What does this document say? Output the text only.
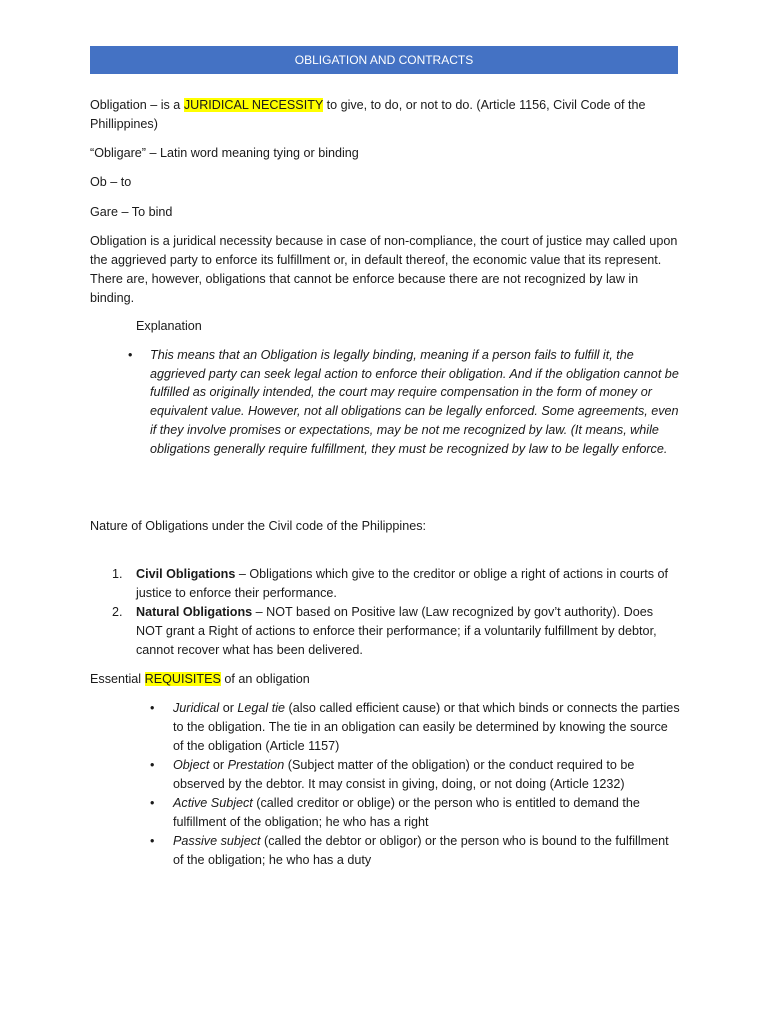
OBLIGATION AND CONTRACTS

Obligation – is a JURIDICAL NECESSITY to give, to do, or not to do. (Article 1156, Civil Code of the Phillippines)

“Obligare” – Latin word meaning tying or binding

Ob – to

Gare – To bind

Obligation is a juridical necessity because in case of non-compliance, the court of justice may called upon the aggrieved party to enforce its fulfillment or, in default thereof, the economic value that its represent. There are, however, obligations that cannot be enforce because there are not recognized by law in binding.

Explanation
• This means that an Obligation is legally binding, meaning if a person fails to fulfill it, the aggrieved party can seek legal action to enforce their obligation. And if the obligation cannot be fulfilled as originally intended, the court may require compensation in the form of money or equivalent value. However, not all obligations can be legally enforced. Some agreements, even if they involve promises or expectations, may be not me recognized by law. (It means, while obligations generally require fulfillment, they must be recognized by law to be legally enforce.

Nature of Obligations under the Civil code of the Philippines:

1. Civil Obligations – Obligations which give to the creditor or oblige a right of actions in courts of justice to enforce their performance.
2. Natural Obligations – NOT based on Positive law (Law recognized by gov’t authority). Does NOT grant a Right of actions to enforce their performance; if a voluntarily fulfillment by debtor, cannot recover what has been delivered.

Essential REQUISITES of an obligation

• Juridical or Legal tie (also called efficient cause) or that which binds or connects the parties to the obligation. The tie in an obligation can easily be determined by knowing the source of the obligation (Article 1157)
• Object or Prestation (Subject matter of the obligation) or the conduct required to be observed by the debtor. It may consist in giving, doing, or not doing (Article 1232)
• Active Subject (called creditor or oblige) or the person who is entitled to demand the fulfillment of the obligation; he who has a right
• Passive subject (called the debtor or obligor) or the person who is bound to the fulfillment of the obligation; he who has a duty
